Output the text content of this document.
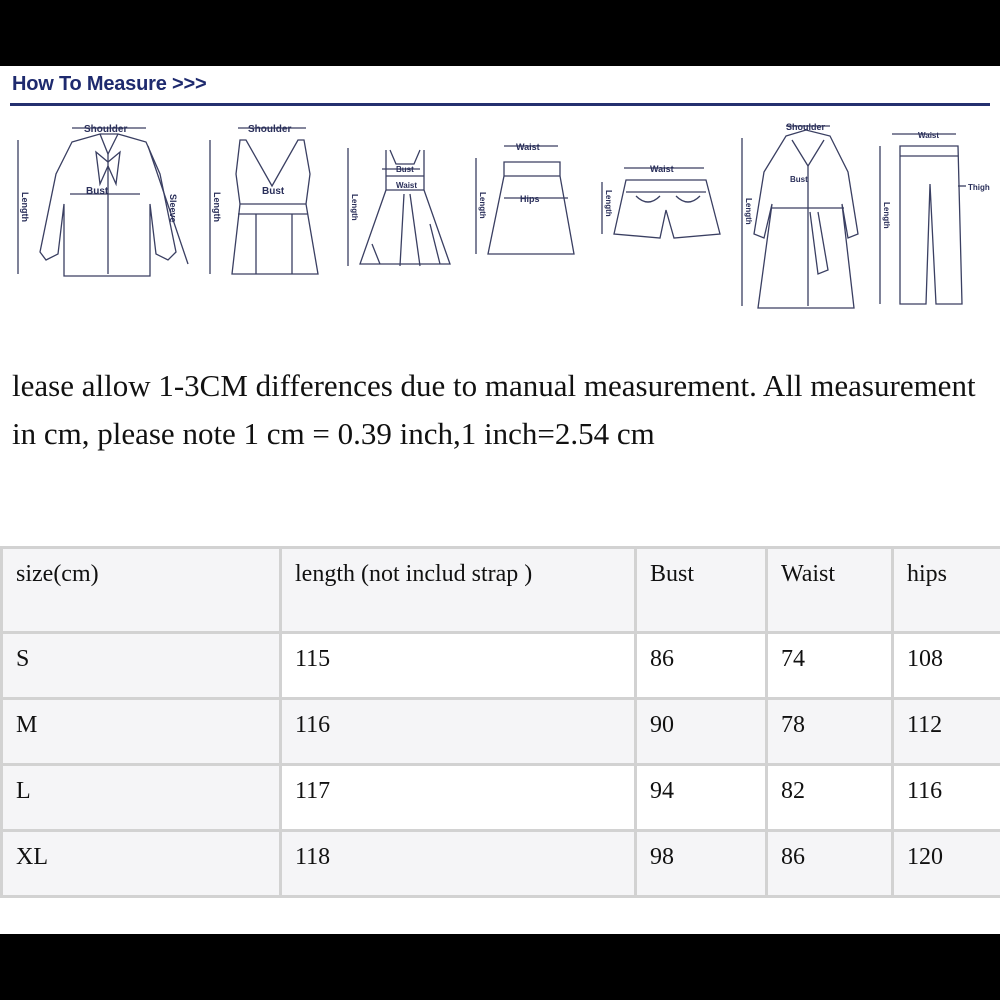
How To Measure >>>
Shoulder	Shoulder	Shoulder
Bust	Bust
Bust
Bust
Waist
Waist
Waist
Waist
Hips
Thigh
Sleeve
Length	Length	Length	Length	Length	Length	Length
lease allow 1-3CM differences due to manual measurement. All measurement in cm, please note 1 cm = 0.39 inch,1 inch=2.54 cm
size(cm)	length (not includ strap )	Bust	Waist	hips
S	115	86	74	108
M	116	90	78	112
L	117	94	82	116
XL	118	98	86	120
